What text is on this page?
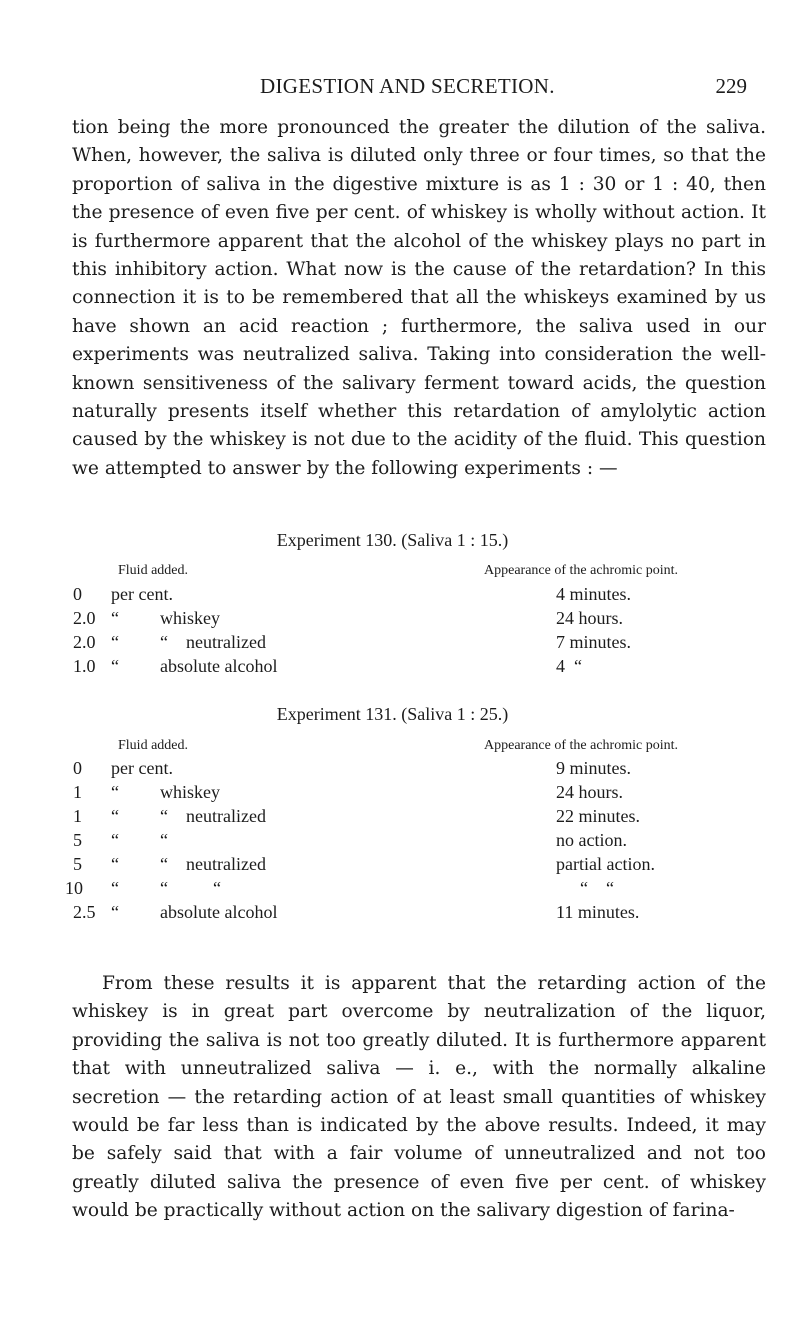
DIGESTION AND SECRETION.	229

tion being the more pronounced the greater the dilution of the saliva. When, however, the saliva is diluted only three or four times, so that the proportion of saliva in the digestive mixture is as 1 : 30 or 1 : 40, then the presence of even five per cent. of whiskey is wholly without action. It is furthermore apparent that the alcohol of the whiskey plays no part in this inhibitory action. What now is the cause of the retardation? In this connection it is to be remembered that all the whiskeys examined by us have shown an acid reaction ; furthermore, the saliva used in our experiments was neutralized saliva. Taking into consideration the well-known sensitiveness of the salivary ferment toward acids, the question naturally presents itself whether this retardation of amylolytic action caused by the whiskey is not due to the acidity of the fluid. This question we attempted to answer by the following experiments : —

Experiment 130. (Saliva 1 : 15.)
Fluid added.	Appearance of the achromic point.
0 per cent.	4 minutes.
2.0 “ whiskey	24 hours.
2.0 “ “    neutralized	7 minutes.
1.0 “ absolute alcohol	4  “
Experiment 131. (Saliva 1 : 25.)
Fluid added.	Appearance of the achromic point.
0 per cent.	9 minutes.
1 “ whiskey	24 hours.
1 “ “    neutralized	22 minutes.
5 “ “	no action.
5 “ “    neutralized	partial action.
10 “ “          “	“    “
2.5 “ absolute alcohol	11 minutes.

From these results it is apparent that the retarding action of the whiskey is in great part overcome by neutralization of the liquor, providing the saliva is not too greatly diluted. It is furthermore apparent that with unneutralized saliva — i. e., with the normally alkaline secretion — the retarding action of at least small quantities of whiskey would be far less than is indicated by the above results. Indeed, it may be safely said that with a fair volume of unneutralized and not too greatly diluted saliva the presence of even five per cent. of whiskey would be practically without action on the salivary digestion of farina-
